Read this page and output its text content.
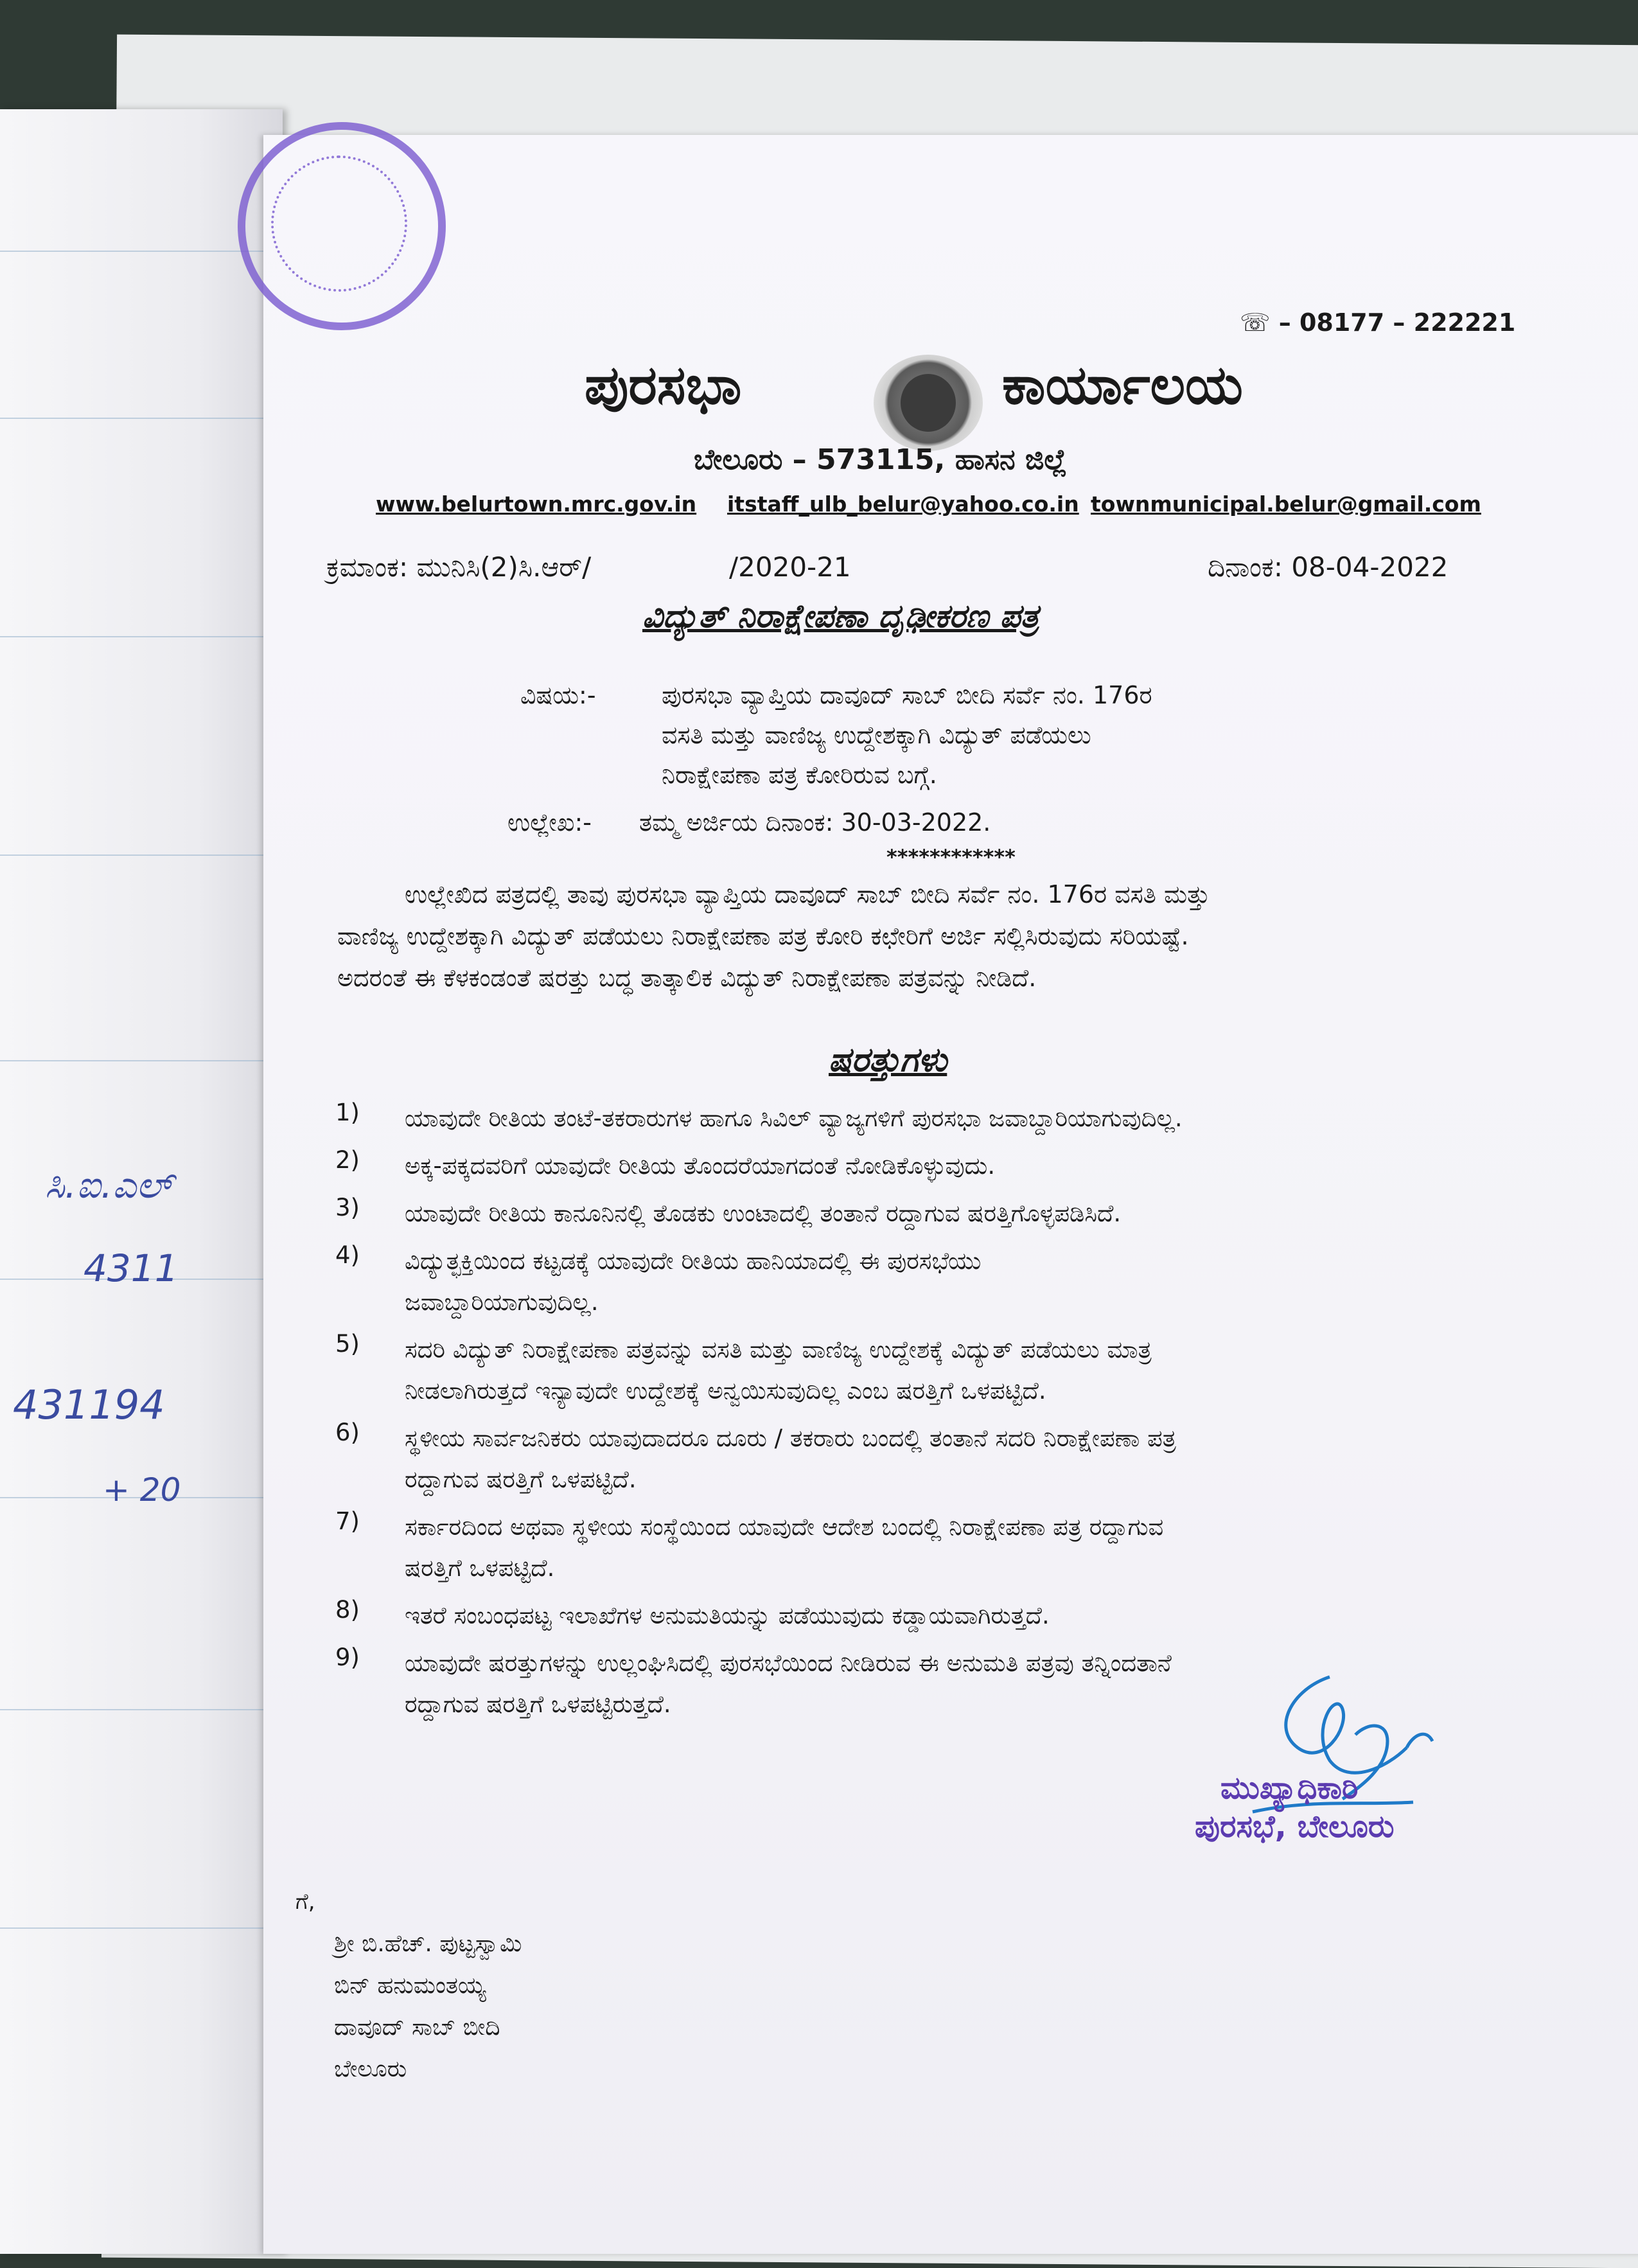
ಸಿ.ಐ.ಎಲ್
4311
431194
+ 20
☏ – 08177 – 222221
ಪುರಸಭಾ	ಕಾರ್ಯಾಲಯ
ಬೇಲೂರು – 573115, ಹಾಸನ ಜಿಲ್ಲೆ
www.belurtown.mrc.gov.in itstaff_ulb_belur@yahoo.co.in townmunicipal.belur@gmail.com
ಕ್ರಮಾಂಕ: ಮುನಿಸಿ(2)ಸಿ.ಆರ್/	/2020-21	ದಿನಾಂಕ: 08-04-2022
ವಿದ್ಯುತ್ ನಿರಾಕ್ಷೇಪಣಾ ದೃಢೀಕರಣ ಪತ್ರ
ವಿಷಯ:-	ಪುರಸಭಾ ವ್ಯಾಪ್ತಿಯ ದಾವೂದ್ ಸಾಬ್ ಬೀದಿ ಸರ್ವೆ ನಂ. 176ರ
ವಸತಿ ಮತ್ತು ವಾಣಿಜ್ಯ ಉದ್ದೇಶಕ್ಕಾಗಿ ವಿದ್ಯುತ್ ಪಡೆಯಲು
ನಿರಾಕ್ಷೇಪಣಾ ಪತ್ರ ಕೋರಿರುವ ಬಗ್ಗೆ.
ಉಲ್ಲೇಖ:- ತಮ್ಮ ಅರ್ಜಿಯ ದಿನಾಂಕ: 30-03-2022.
************
ಉಲ್ಲೇಖಿದ ಪತ್ರದಲ್ಲಿ ತಾವು ಪುರಸಭಾ ವ್ಯಾಪ್ತಿಯ ದಾವೂದ್ ಸಾಬ್ ಬೀದಿ ಸರ್ವೆ ನಂ. 176ರ ವಸತಿ ಮತ್ತು
ವಾಣಿಜ್ಯ ಉದ್ದೇಶಕ್ಕಾಗಿ ವಿದ್ಯುತ್ ಪಡೆಯಲು ನಿರಾಕ್ಷೇಪಣಾ ಪತ್ರ ಕೋರಿ ಕಛೇರಿಗೆ ಅರ್ಜಿ ಸಲ್ಲಿಸಿರುವುದು ಸರಿಯಷ್ಟೆ.
ಅದರಂತೆ ಈ ಕೆಳಕಂಡಂತೆ ಷರತ್ತು ಬದ್ಧ ತಾತ್ಕಾಲಿಕ ವಿದ್ಯುತ್ ನಿರಾಕ್ಷೇಪಣಾ ಪತ್ರವನ್ನು ನೀಡಿದೆ.
ಷರತ್ತುಗಳು
1) ಯಾವುದೇ ರೀತಿಯ ತಂಟೆ-ತಕರಾರುಗಳ ಹಾಗೂ ಸಿವಿಲ್ ವ್ಯಾಜ್ಯಗಳಿಗೆ ಪುರಸಭಾ ಜವಾಬ್ದಾರಿಯಾಗುವುದಿಲ್ಲ.
2) ಅಕ್ಕ-ಪಕ್ಕದವರಿಗೆ ಯಾವುದೇ ರೀತಿಯ ತೊಂದರೆಯಾಗದಂತೆ ನೋಡಿಕೊಳ್ಳುವುದು.
3) ಯಾವುದೇ ರೀತಿಯ ಕಾನೂನಿನಲ್ಲಿ ತೊಡಕು ಉಂಟಾದಲ್ಲಿ ತಂತಾನೆ ರದ್ದಾಗುವ ಷರತ್ತಿಗೊಳ್ಳಪಡಿಸಿದೆ.
4) ವಿದ್ಯುತ್ಛಕ್ತಿಯಿಂದ ಕಟ್ಟಡಕ್ಕೆ ಯಾವುದೇ ರೀತಿಯ ಹಾನಿಯಾದಲ್ಲಿ ಈ ಪುರಸಭೆಯು
ಜವಾಬ್ದಾರಿಯಾಗುವುದಿಲ್ಲ.
5) ಸದರಿ ವಿದ್ಯುತ್ ನಿರಾಕ್ಷೇಪಣಾ ಪತ್ರವನ್ನು ವಸತಿ ಮತ್ತು ವಾಣಿಜ್ಯ ಉದ್ದೇಶಕ್ಕೆ ವಿದ್ಯುತ್ ಪಡೆಯಲು ಮಾತ್ರ
ನೀಡಲಾಗಿರುತ್ತದೆ ಇನ್ಯಾವುದೇ ಉದ್ದೇಶಕ್ಕೆ ಅನ್ವಯಿಸುವುದಿಲ್ಲ ಎಂಬ ಷರತ್ತಿಗೆ ಒಳಪಟ್ಟಿದೆ.
6) ಸ್ಥಳೀಯ ಸಾರ್ವಜನಿಕರು ಯಾವುದಾದರೂ ದೂರು / ತಕರಾರು ಬಂದಲ್ಲಿ ತಂತಾನೆ ಸದರಿ ನಿರಾಕ್ಷೇಪಣಾ ಪತ್ರ
ರದ್ದಾಗುವ ಷರತ್ತಿಗೆ ಒಳಪಟ್ಟಿದೆ.
7) ಸರ್ಕಾರದಿಂದ ಅಥವಾ ಸ್ಥಳೀಯ ಸಂಸ್ಥೆಯಿಂದ ಯಾವುದೇ ಆದೇಶ ಬಂದಲ್ಲಿ ನಿರಾಕ್ಷೇಪಣಾ ಪತ್ರ ರದ್ದಾಗುವ
ಷರತ್ತಿಗೆ ಒಳಪಟ್ಟಿದೆ.
8) ಇತರೆ ಸಂಬಂಧಪಟ್ಟ ಇಲಾಖೆಗಳ ಅನುಮತಿಯನ್ನು ಪಡೆಯುವುದು ಕಡ್ಡಾಯವಾಗಿರುತ್ತದೆ.
9) ಯಾವುದೇ ಷರತ್ತುಗಳನ್ನು ಉಲ್ಲಂಘಿಸಿದಲ್ಲಿ ಪುರಸಭೆಯಿಂದ ನೀಡಿರುವ ಈ ಅನುಮತಿ ಪತ್ರವು ತನ್ನಿಂದತಾನೆ
ರದ್ದಾಗುವ ಷರತ್ತಿಗೆ ಒಳಪಟ್ಟಿರುತ್ತದೆ.
ಮುಖ್ಯಾಧಿಕಾರಿ
ಪುರಸಭೆ, ಬೇಲೂರು
ಗೆ,
ಶ್ರೀ ಬಿ.ಹೆಚ್. ಪುಟ್ಟಸ್ವಾಮಿ
ಬಿನ್ ಹನುಮಂತಯ್ಯ
ದಾವೂದ್ ಸಾಬ್ ಬೀದಿ
ಬೇಲೂರು
